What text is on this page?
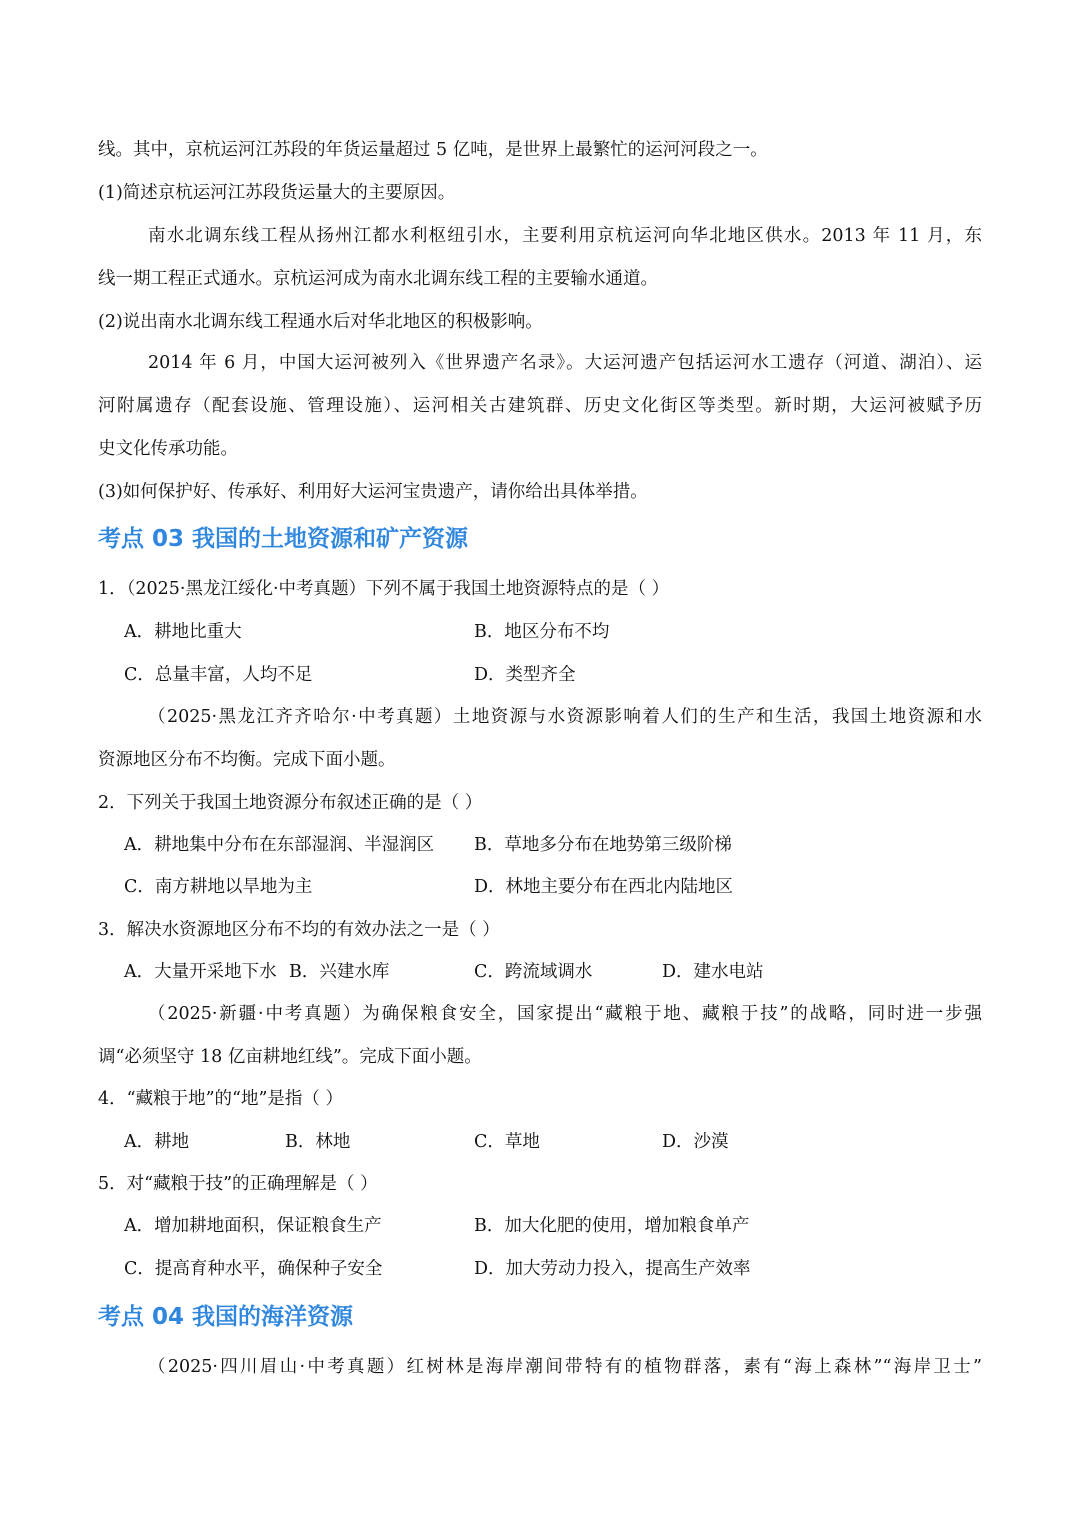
线。其中，京杭运河江苏段的年货运量超过 5 亿吨，是世界上最繁忙的运河河段之一。
(1)简述京杭运河江苏段货运量大的主要原因。
南水北调东线工程从扬州江都水利枢纽引水，主要利用京杭运河向华北地区供水。2013 年 11 月，东
线一期工程正式通水。京杭运河成为南水北调东线工程的主要输水通道。
(2)说出南水北调东线工程通水后对华北地区的积极影响。
2014 年 6 月，中国大运河被列入《世界遗产名录》。大运河遗产包括运河水工遗存（河道、湖泊）、运
河附属遗存（配套设施、管理设施）、运河相关古建筑群、历史文化街区等类型。新时期，大运河被赋予历
史文化传承功能。
(3)如何保护好、传承好、利用好大运河宝贵遗产，请你给出具体举措。
考点 03 我国的土地资源和矿产资源
1．（2025·黑龙江绥化·中考真题）下列不属于我国土地资源特点的是（ ）
A．耕地比重大	B．地区分布不均
C．总量丰富，人均不足	D．类型齐全
（2025·黑龙江齐齐哈尔·中考真题）土地资源与水资源影响着人们的生产和生活，我国土地资源和水
资源地区分布不均衡。完成下面小题。
2．下列关于我国土地资源分布叙述正确的是（ ）
A．耕地集中分布在东部湿润、半湿润区 B．草地多分布在地势第三级阶梯
C．南方耕地以旱地为主	D．林地主要分布在西北内陆地区
3．解决水资源地区分布不均的有效办法之一是（ ）
A．大量开采地下水 B．兴建水库	C．跨流域调水	D．建水电站
（2025·新疆·中考真题）为确保粮食安全，国家提出“藏粮于地、藏粮于技”的战略，同时进一步强
调“必须坚守 18 亿亩耕地红线”。完成下面小题。
4．“藏粮于地”的“地”是指（ ）
A．耕地	B．林地	C．草地	D．沙漠
5．对“藏粮于技”的正确理解是（ ）
A．增加耕地面积，保证粮食生产	B．加大化肥的使用，增加粮食单产
C．提高育种水平，确保种子安全	D．加大劳动力投入，提高生产效率
考点 04 我国的海洋资源
（2025·四川眉山·中考真题）红树林是海岸潮间带特有的植物群落，素有“海上森林”“海岸卫士”
